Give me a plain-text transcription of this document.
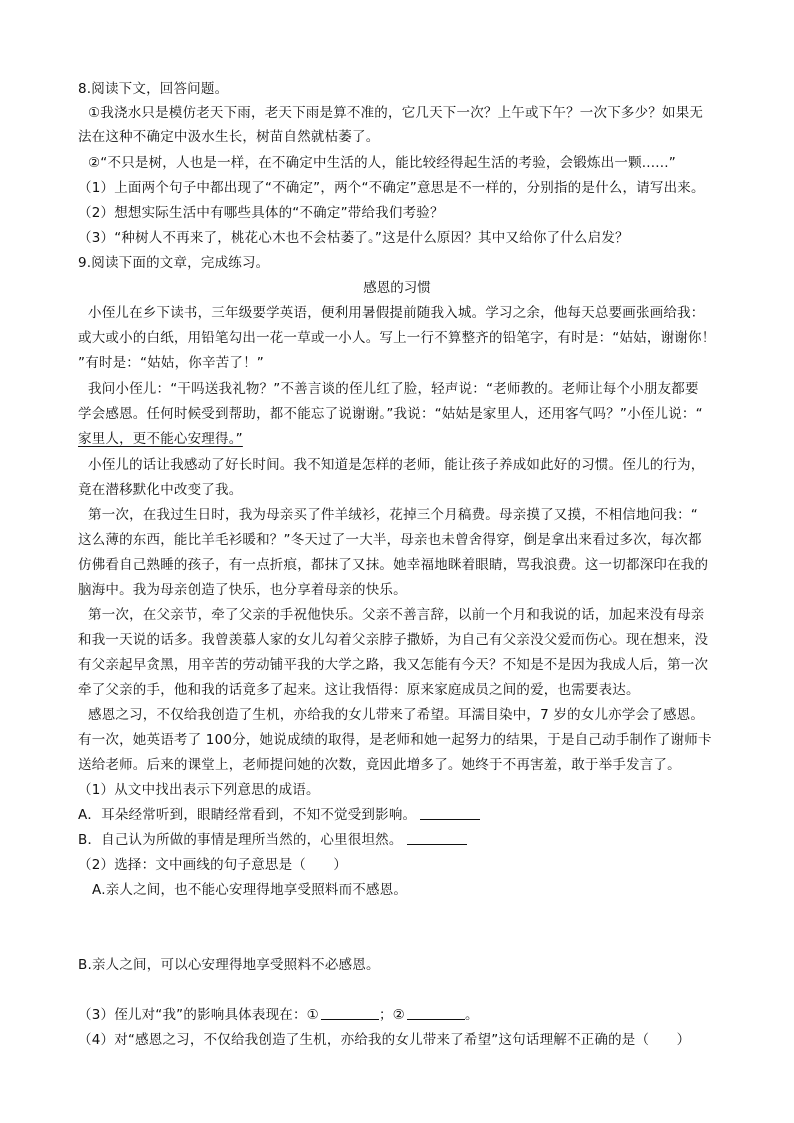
8.阅读下文，回答问题。
①我浇水只是模仿老天下雨，老天下雨是算不准的，它几天下一次？上午或下午？一次下多少？如果无
法在这种不确定中汲水生长，树苗自然就枯萎了。
②“不只是树，人也是一样，在不确定中生活的人，能比较经得起生活的考验，会锻炼出一颗......”
（1）上面两个句子中都出现了“不确定”，两个“不确定”意思是不一样的，分别指的是什么，请写出来。
（2）想想实际生活中有哪些具体的“不确定”带给我们考验？
（3）“种树人不再来了，桃花心木也不会枯萎了。”这是什么原因？其中又给你了什么启发？
9.阅读下面的文章，完成练习。
感恩的习惯
小侄儿在乡下读书，三年级要学英语，便利用暑假提前随我入城。学习之余，他每天总要画张画给我：
或大或小的白纸，用铅笔勾出一花一草或一小人。写上一行不算整齐的铅笔字，有时是：“姑姑，谢谢你！
”有时是：“姑姑，你辛苦了！”
我问小侄儿：“干吗送我礼物？”不善言谈的侄儿红了脸，轻声说：“老师教的。老师让每个小朋友都要
学会感恩。任何时候受到帮助，都不能忘了说谢谢。”我说：“姑姑是家里人，还用客气吗？”小侄儿说：“
家里人，更不能心安理得。”
小侄儿的话让我感动了好长时间。我不知道是怎样的老师，能让孩子养成如此好的习惯。侄儿的行为，
竟在潜移默化中改变了我。
第一次，在我过生日时，我为母亲买了件羊绒衫，花掉三个月稿费。母亲摸了又摸，不相信地问我：“
这么薄的东西，能比羊毛衫暖和？”冬天过了一大半，母亲也未曾舍得穿，倒是拿出来看过多次，每次都
仿佛看自己熟睡的孩子，有一点折痕，都抹了又抹。她幸福地眯着眼睛，骂我浪费。这一切都深印在我的
脑海中。我为母亲创造了快乐，也分享着母亲的快乐。
第一次，在父亲节，牵了父亲的手祝他快乐。父亲不善言辞，以前一个月和我说的话，加起来没有母亲
和我一天说的话多。我曾羡慕人家的女儿勾着父亲脖子撒娇，为自己有父亲没父爱而伤心。现在想来，没
有父亲起早贪黑，用辛苦的劳动铺平我的大学之路，我又怎能有今天？不知是不是因为我成人后，第一次
牵了父亲的手，他和我的话竟多了起来。这让我悟得：原来家庭成员之间的爱，也需要表达。
感恩之习，不仅给我创造了生机，亦给我的女儿带来了希望。耳濡目染中，7 岁的女儿亦学会了感恩。
有一次，她英语考了 100分，她说成绩的取得，是老师和她一起努力的结果，于是自己动手制作了谢师卡
送给老师。后来的课堂上，老师提问她的次数，竟因此增多了。她终于不再害羞，敢于举手发言了。
（1）从文中找出表示下列意思的成语。
A．耳朵经常听到，眼睛经常看到，不知不觉受到影响。
B．自己认为所做的事情是理所当然的，心里很坦然。
（2）选择：文中画线的句子意思是（　　）
A.亲人之间，也不能心安理得地享受照料而不感恩。
B.亲人之间，可以心安理得地享受照料不必感恩。
（3）侄儿对“我”的影响具体表现在：①	；②	。
（4）对“感恩之习，不仅给我创造了生机，亦给我的女儿带来了希望”这句话理解不正确的是（　　）
